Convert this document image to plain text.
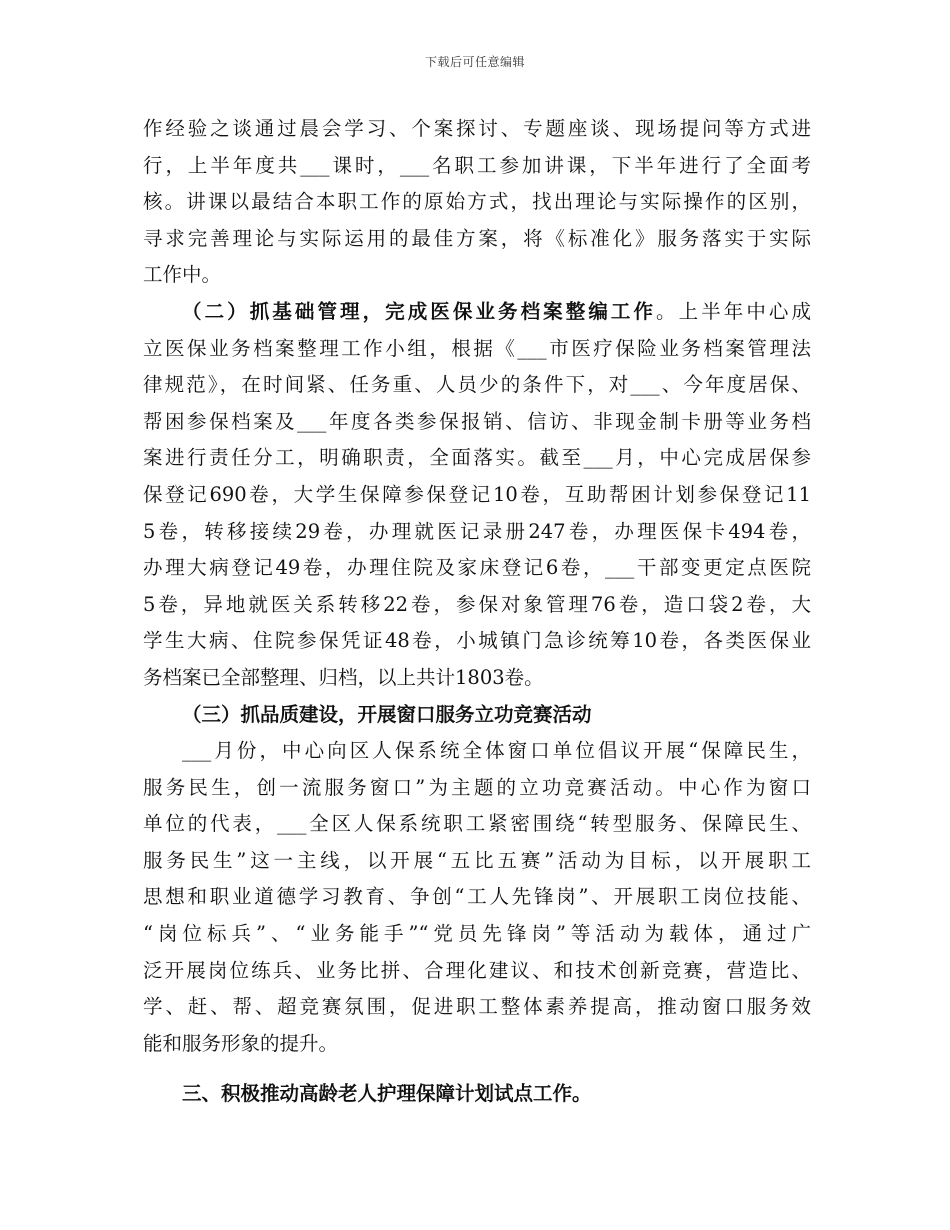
下载后可任意编辑
作经验之谈通过晨会学习、个案探讨、专题座谈、现场提问等方式进
行，上半年度共___课时，___名职工参加讲课，下半年进行了全面考
核。讲课以最结合本职工作的原始方式，找出理论与实际操作的区别，
寻求完善理论与实际运用的最佳方案，将《标准化》服务落实于实际
工作中。
（二）抓基础管理，完成医保业务档案整编工作。上半年中心成
立医保业务档案整理工作小组，根据《___市医疗保险业务档案管理法
律规范》，在时间紧、任务重、人员少的条件下，对___、今年度居保、
帮困参保档案及___年度各类参保报销、信访、非现金制卡册等业务档
案进行责任分工，明确职责，全面落实。截至___月，中心完成居保参
保登记690卷，大学生保障参保登记10卷，互助帮困计划参保登记11
5卷，转移接续29卷，办理就医记录册247卷，办理医保卡494卷，
办理大病登记49卷，办理住院及家床登记6卷，___干部变更定点医院
5卷，异地就医关系转移22卷，参保对象管理76卷，造口袋2卷，大
学生大病、住院参保凭证48卷，小城镇门急诊统筹10卷，各类医保业
务档案已全部整理、归档，以上共计1803卷。
（三）抓品质建设，开展窗口服务立功竞赛活动
___月份，中心向区人保系统全体窗口单位倡议开展“保障民生，
服务民生，创一流服务窗口”为主题的立功竞赛活动。中心作为窗口
单位的代表，___全区人保系统职工紧密围绕“转型服务、保障民生、
服务民生”这一主线，以开展“五比五赛”活动为目标，以开展职工
思想和职业道德学习教育、争创“工人先锋岗”、开展职工岗位技能、
“岗位标兵”、“业务能手”“党员先锋岗”等活动为载体，通过广
泛开展岗位练兵、业务比拼、合理化建议、和技术创新竞赛，营造比、
学、赶、帮、超竞赛氛围，促进职工整体素养提高，推动窗口服务效
能和服务形象的提升。
三、积极推动高龄老人护理保障计划试点工作。
